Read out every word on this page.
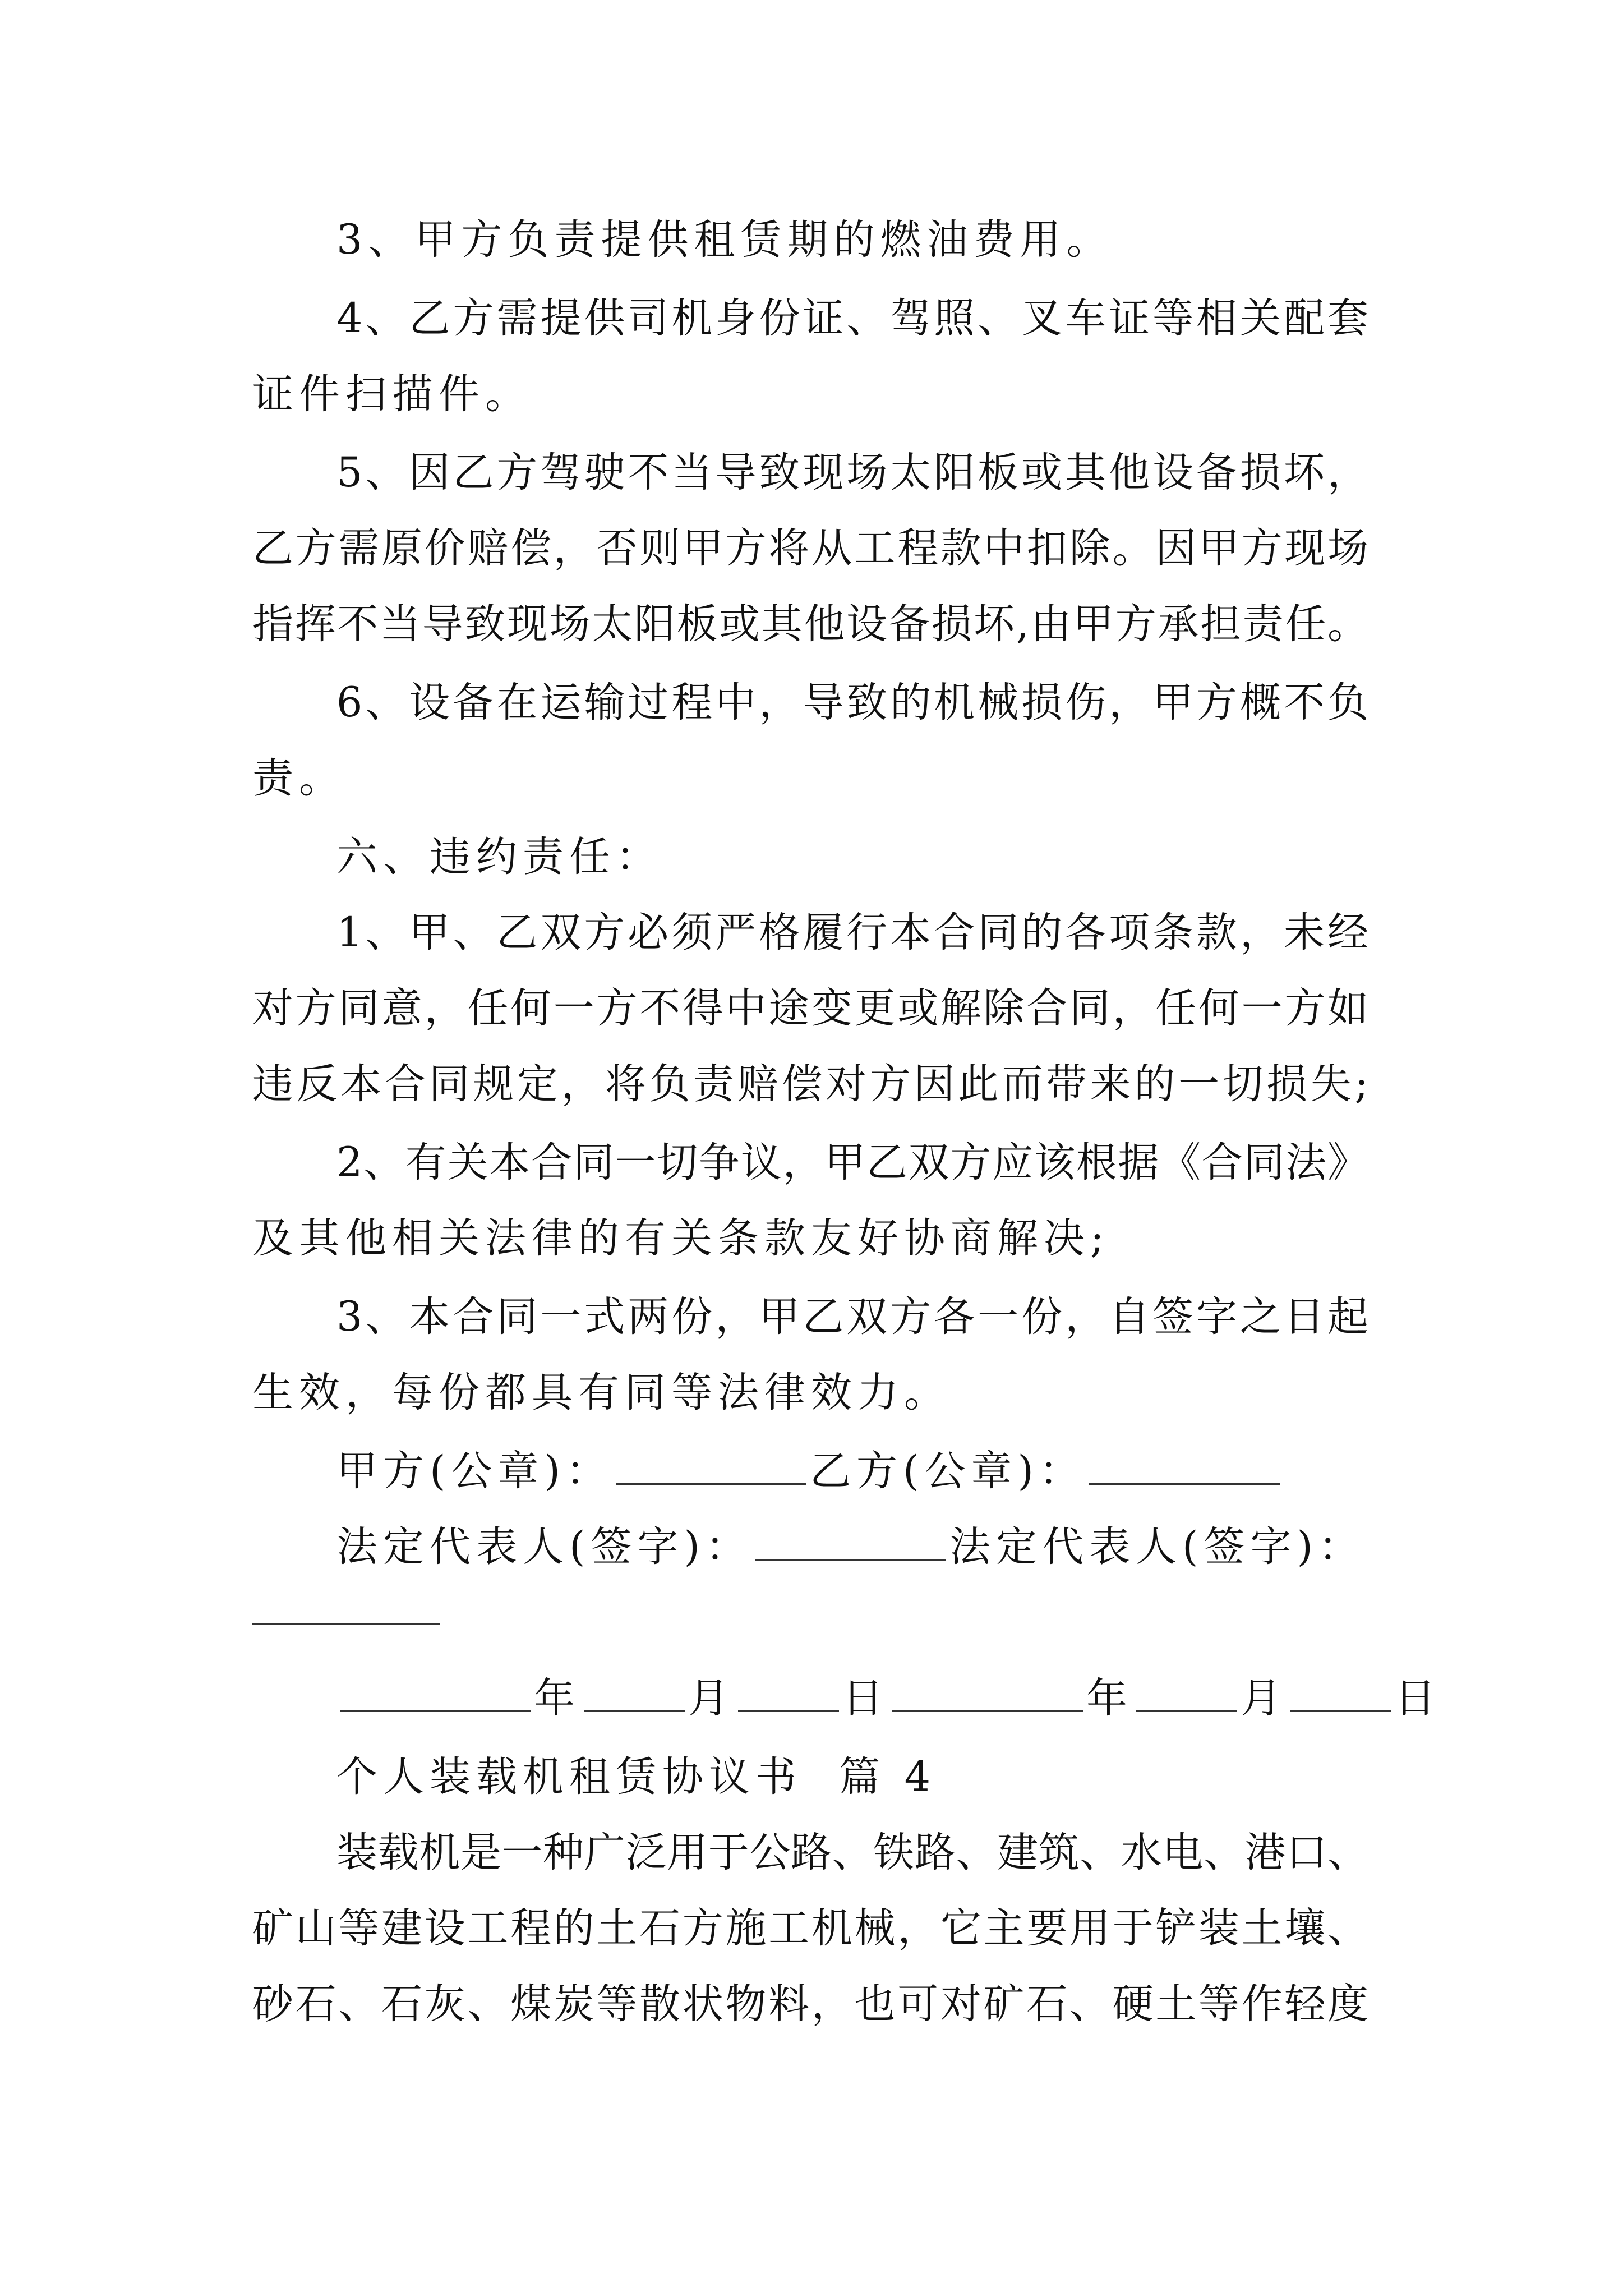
3、甲方负责提供租赁期的燃油费用。
4、乙方需提供司机身份证、驾照、叉车证等相关配套
证件扫描件。
5、因乙方驾驶不当导致现场太阳板或其他设备损坏，
乙方需原价赔偿，否则甲方将从工程款中扣除。因甲方现场
指挥不当导致现场太阳板或其他设备损坏,由甲方承担责任。
6、设备在运输过程中，导致的机械损伤，甲方概不负
责。
六、违约责任：
1、甲、乙双方必须严格履行本合同的各项条款，未经
对方同意，任何一方不得中途变更或解除合同，任何一方如
违反本合同规定，将负责赔偿对方因此而带来的一切损失;
2、有关本合同一切争议，甲乙双方应该根据《合同法》
及其他相关法律的有关条款友好协商解决;
3、本合同一式两份，甲乙双方各一份，自签字之日起
生效，每份都具有同等法律效力。
甲方(公章)：	乙方(公章)：
法定代表人(签字)：	法定代表人(签字)：
年	月	日	年	月	日
个人装载机租赁协议书  篇 4
装载机是一种广泛用于公路、铁路、建筑、水电、港口、
矿山等建设工程的土石方施工机械，它主要用于铲装土壤、
砂石、石灰、煤炭等散状物料，也可对矿石、硬土等作轻度
